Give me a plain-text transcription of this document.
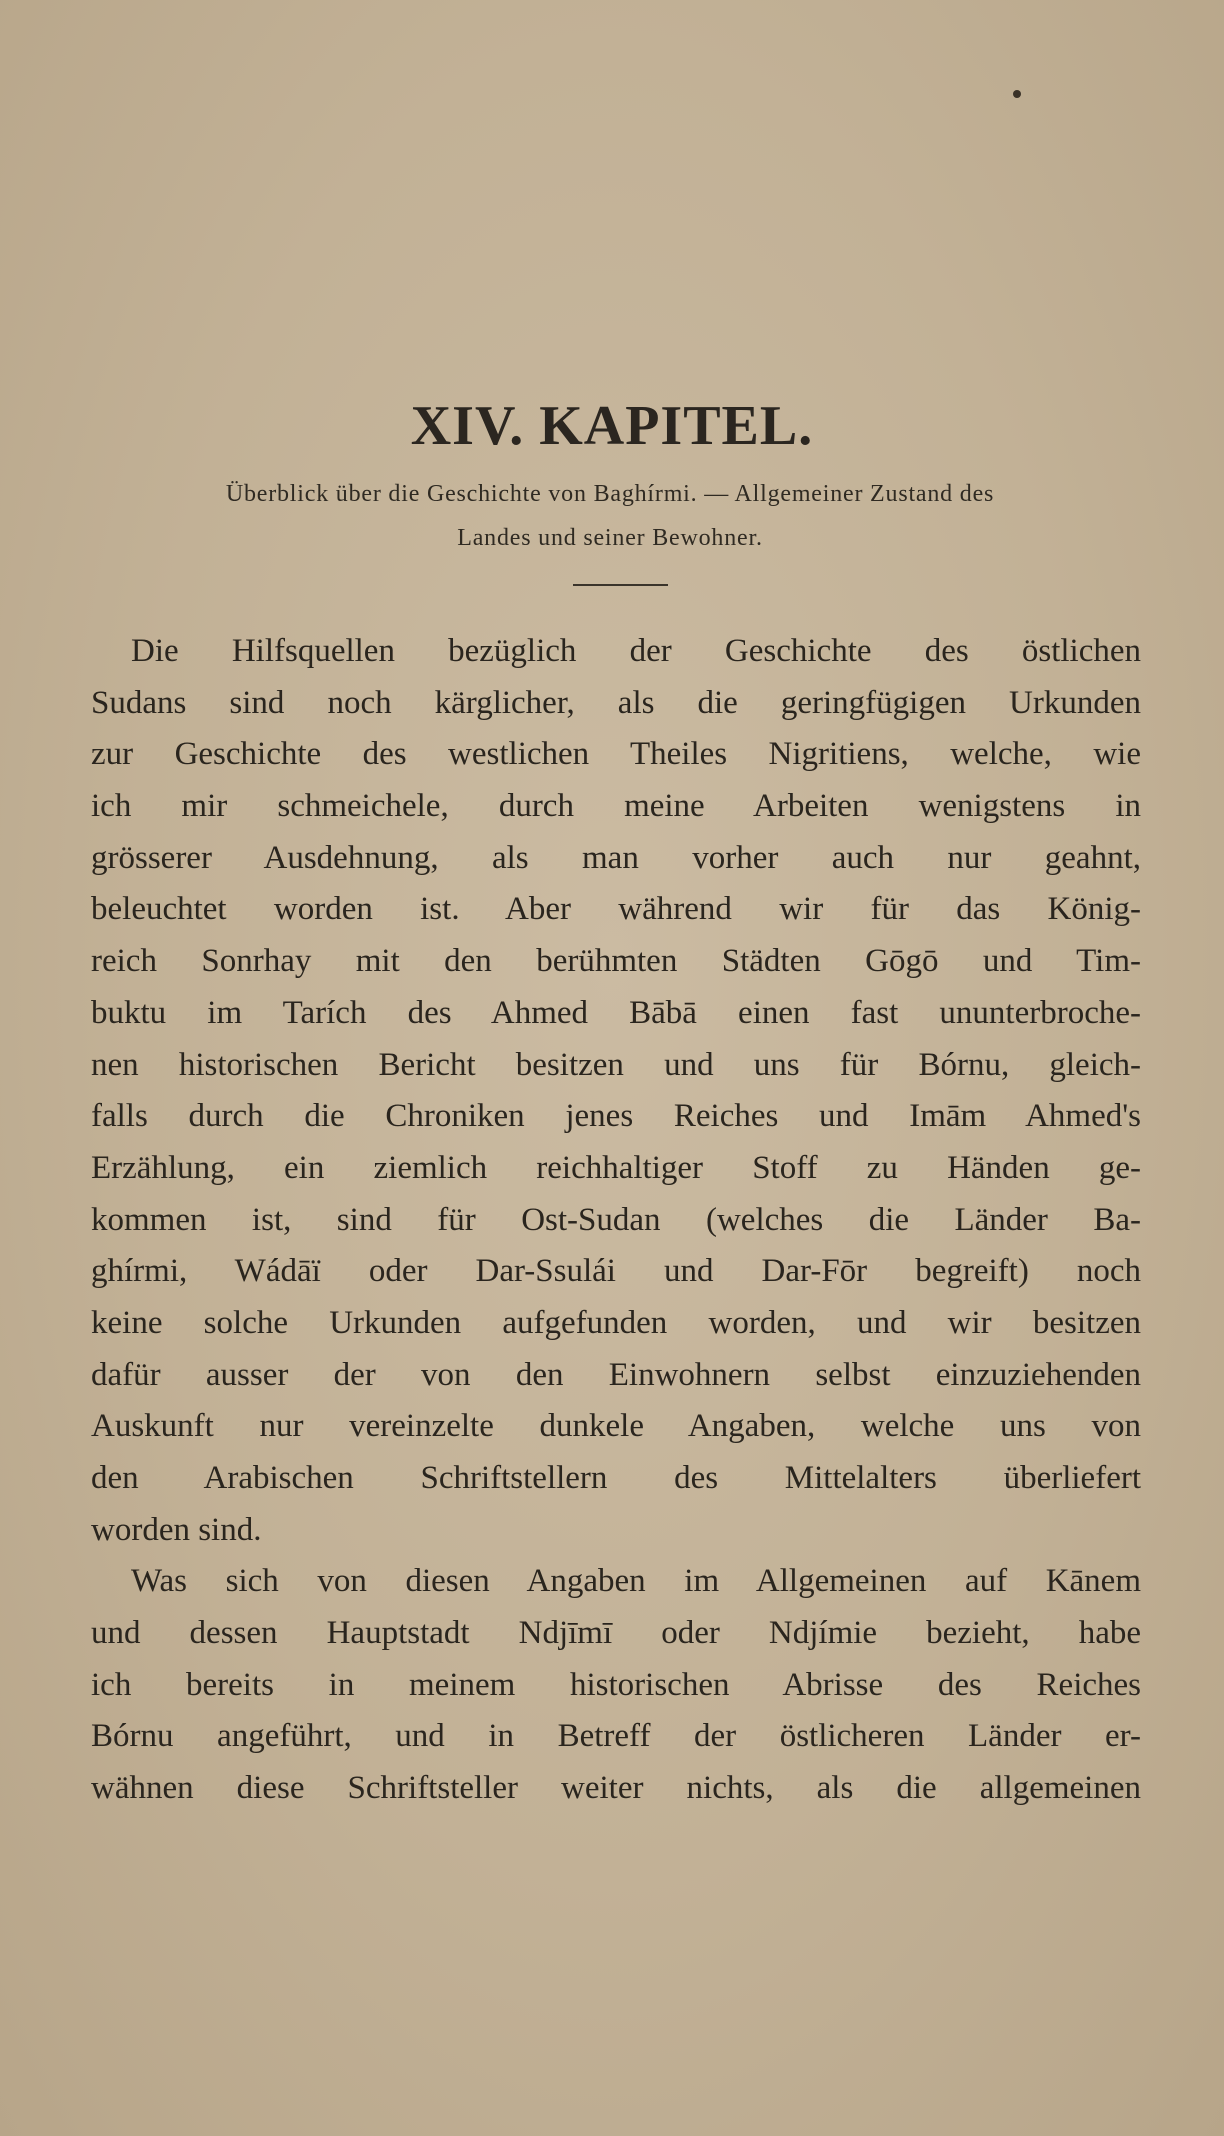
XIV. KAPITEL.
Überblick über die Geschichte von Baghírmi. — Allgemeiner Zustand des
Landes und seiner Bewohner.
Die Hilfsquellen bezüglich der Geschichte des östlichen
Sudans sind noch kärglicher, als die geringfügigen Urkunden
zur Geschichte des westlichen Theiles Nigritiens, welche, wie
ich mir schmeichele, durch meine Arbeiten wenigstens in
grösserer Ausdehnung, als man vorher auch nur geahnt,
beleuchtet worden ist. Aber während wir für das König-
reich Sonrhay mit den berühmten Städten Gōgō und Tim-
buktu im Tarích des Ahmed Bābā einen fast ununterbroche-
nen historischen Bericht besitzen und uns für Bórnu, gleich-
falls durch die Chroniken jenes Reiches und Imām Ahmed's
Erzählung, ein ziemlich reichhaltiger Stoff zu Händen ge-
kommen ist, sind für Ost-Sudan (welches die Länder Ba-
ghírmi, Wádāï oder Dar-Ssulái und Dar-Fōr begreift) noch
keine solche Urkunden aufgefunden worden, und wir besitzen
dafür ausser der von den Einwohnern selbst einzuziehenden
Auskunft nur vereinzelte dunkele Angaben, welche uns von
den Arabischen Schriftstellern des Mittelalters überliefert
worden sind.
Was sich von diesen Angaben im Allgemeinen auf Kānem
und dessen Hauptstadt Ndjīmī oder Ndjímie bezieht, habe
ich bereits in meinem historischen Abrisse des Reiches
Bórnu angeführt, und in Betreff der östlicheren Länder er-
wähnen diese Schriftsteller weiter nichts, als die allgemeinen
